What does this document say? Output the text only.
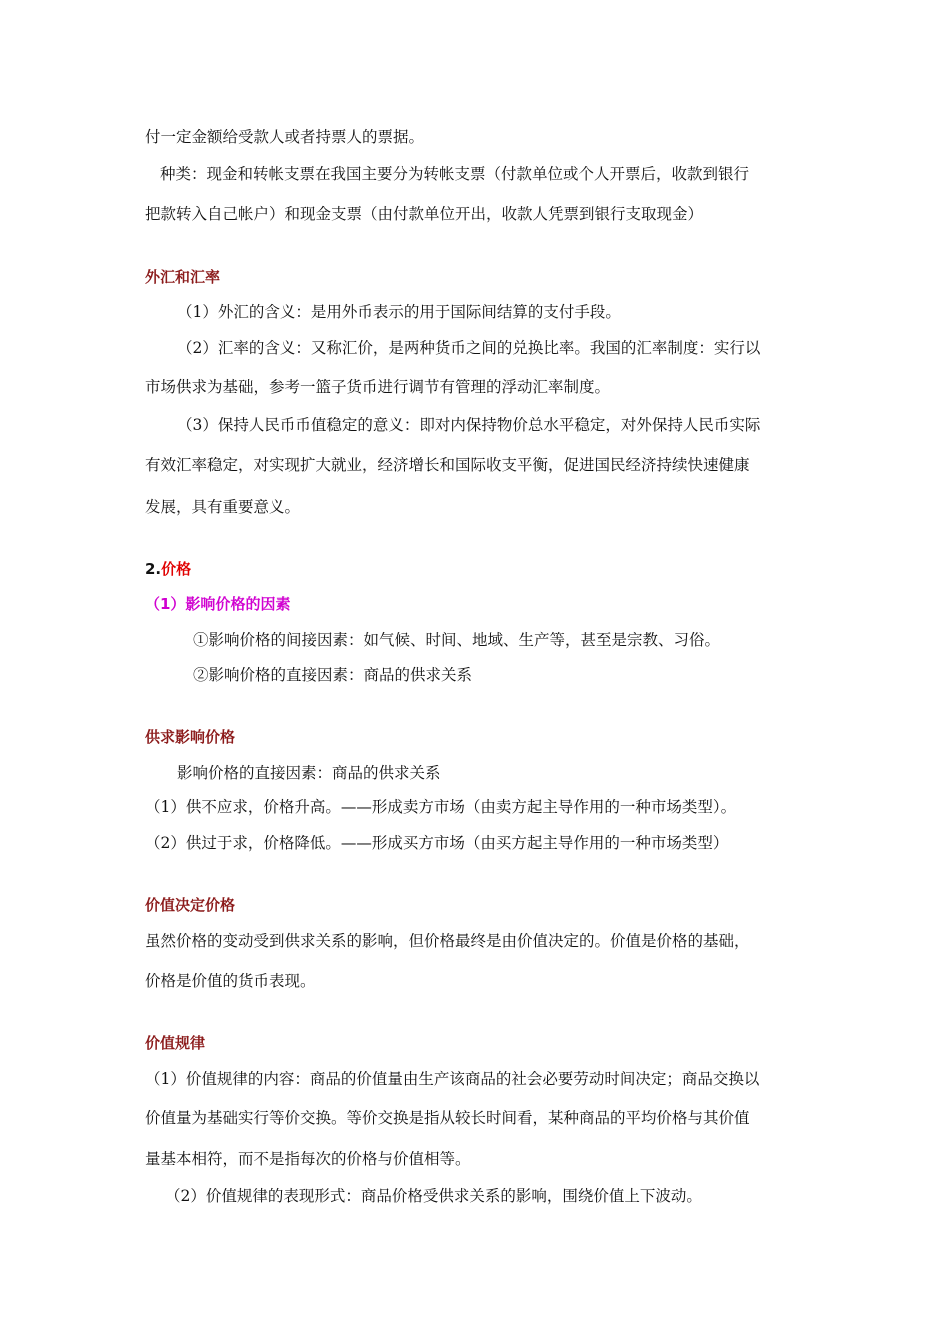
付一定金额给受款人或者持票人的票据。
种类：现金和转帐支票在我国主要分为转帐支票（付款单位或个人开票后，收款到银行
把款转入自己帐户）和现金支票（由付款单位开出，收款人凭票到银行支取现金）
外汇和汇率
（1）外汇的含义：是用外币表示的用于国际间结算的支付手段。
（2）汇率的含义：又称汇价，是两种货币之间的兑换比率。我国的汇率制度：实行以
市场供求为基础，参考一篮子货币进行调节有管理的浮动汇率制度。
（3）保持人民币币值稳定的意义：即对内保持物价总水平稳定，对外保持人民币实际
有效汇率稳定，对实现扩大就业，经济增长和国际收支平衡，促进国民经济持续快速健康
发展，具有重要意义。
2.价格
（1）影响价格的因素
①影响价格的间接因素：如气候、时间、地域、生产等，甚至是宗教、习俗。
②影响价格的直接因素：商品的供求关系
供求影响价格
影响价格的直接因素：商品的供求关系
（1）供不应求，价格升高。——形成卖方市场（由卖方起主导作用的一种市场类型）。
（2）供过于求，价格降低。——形成买方市场（由买方起主导作用的一种市场类型）
价值决定价格
虽然价格的变动受到供求关系的影响，但价格最终是由价值决定的。价值是价格的基础，
价格是价值的货币表现。
价值规律
（1）价值规律的内容：商品的价值量由生产该商品的社会必要劳动时间决定；商品交换以
价值量为基础实行等价交换。等价交换是指从较长时间看，某种商品的平均价格与其价值
量基本相符，而不是指每次的价格与价值相等。
（2）价值规律的表现形式：商品价格受供求关系的影响，围绕价值上下波动。
